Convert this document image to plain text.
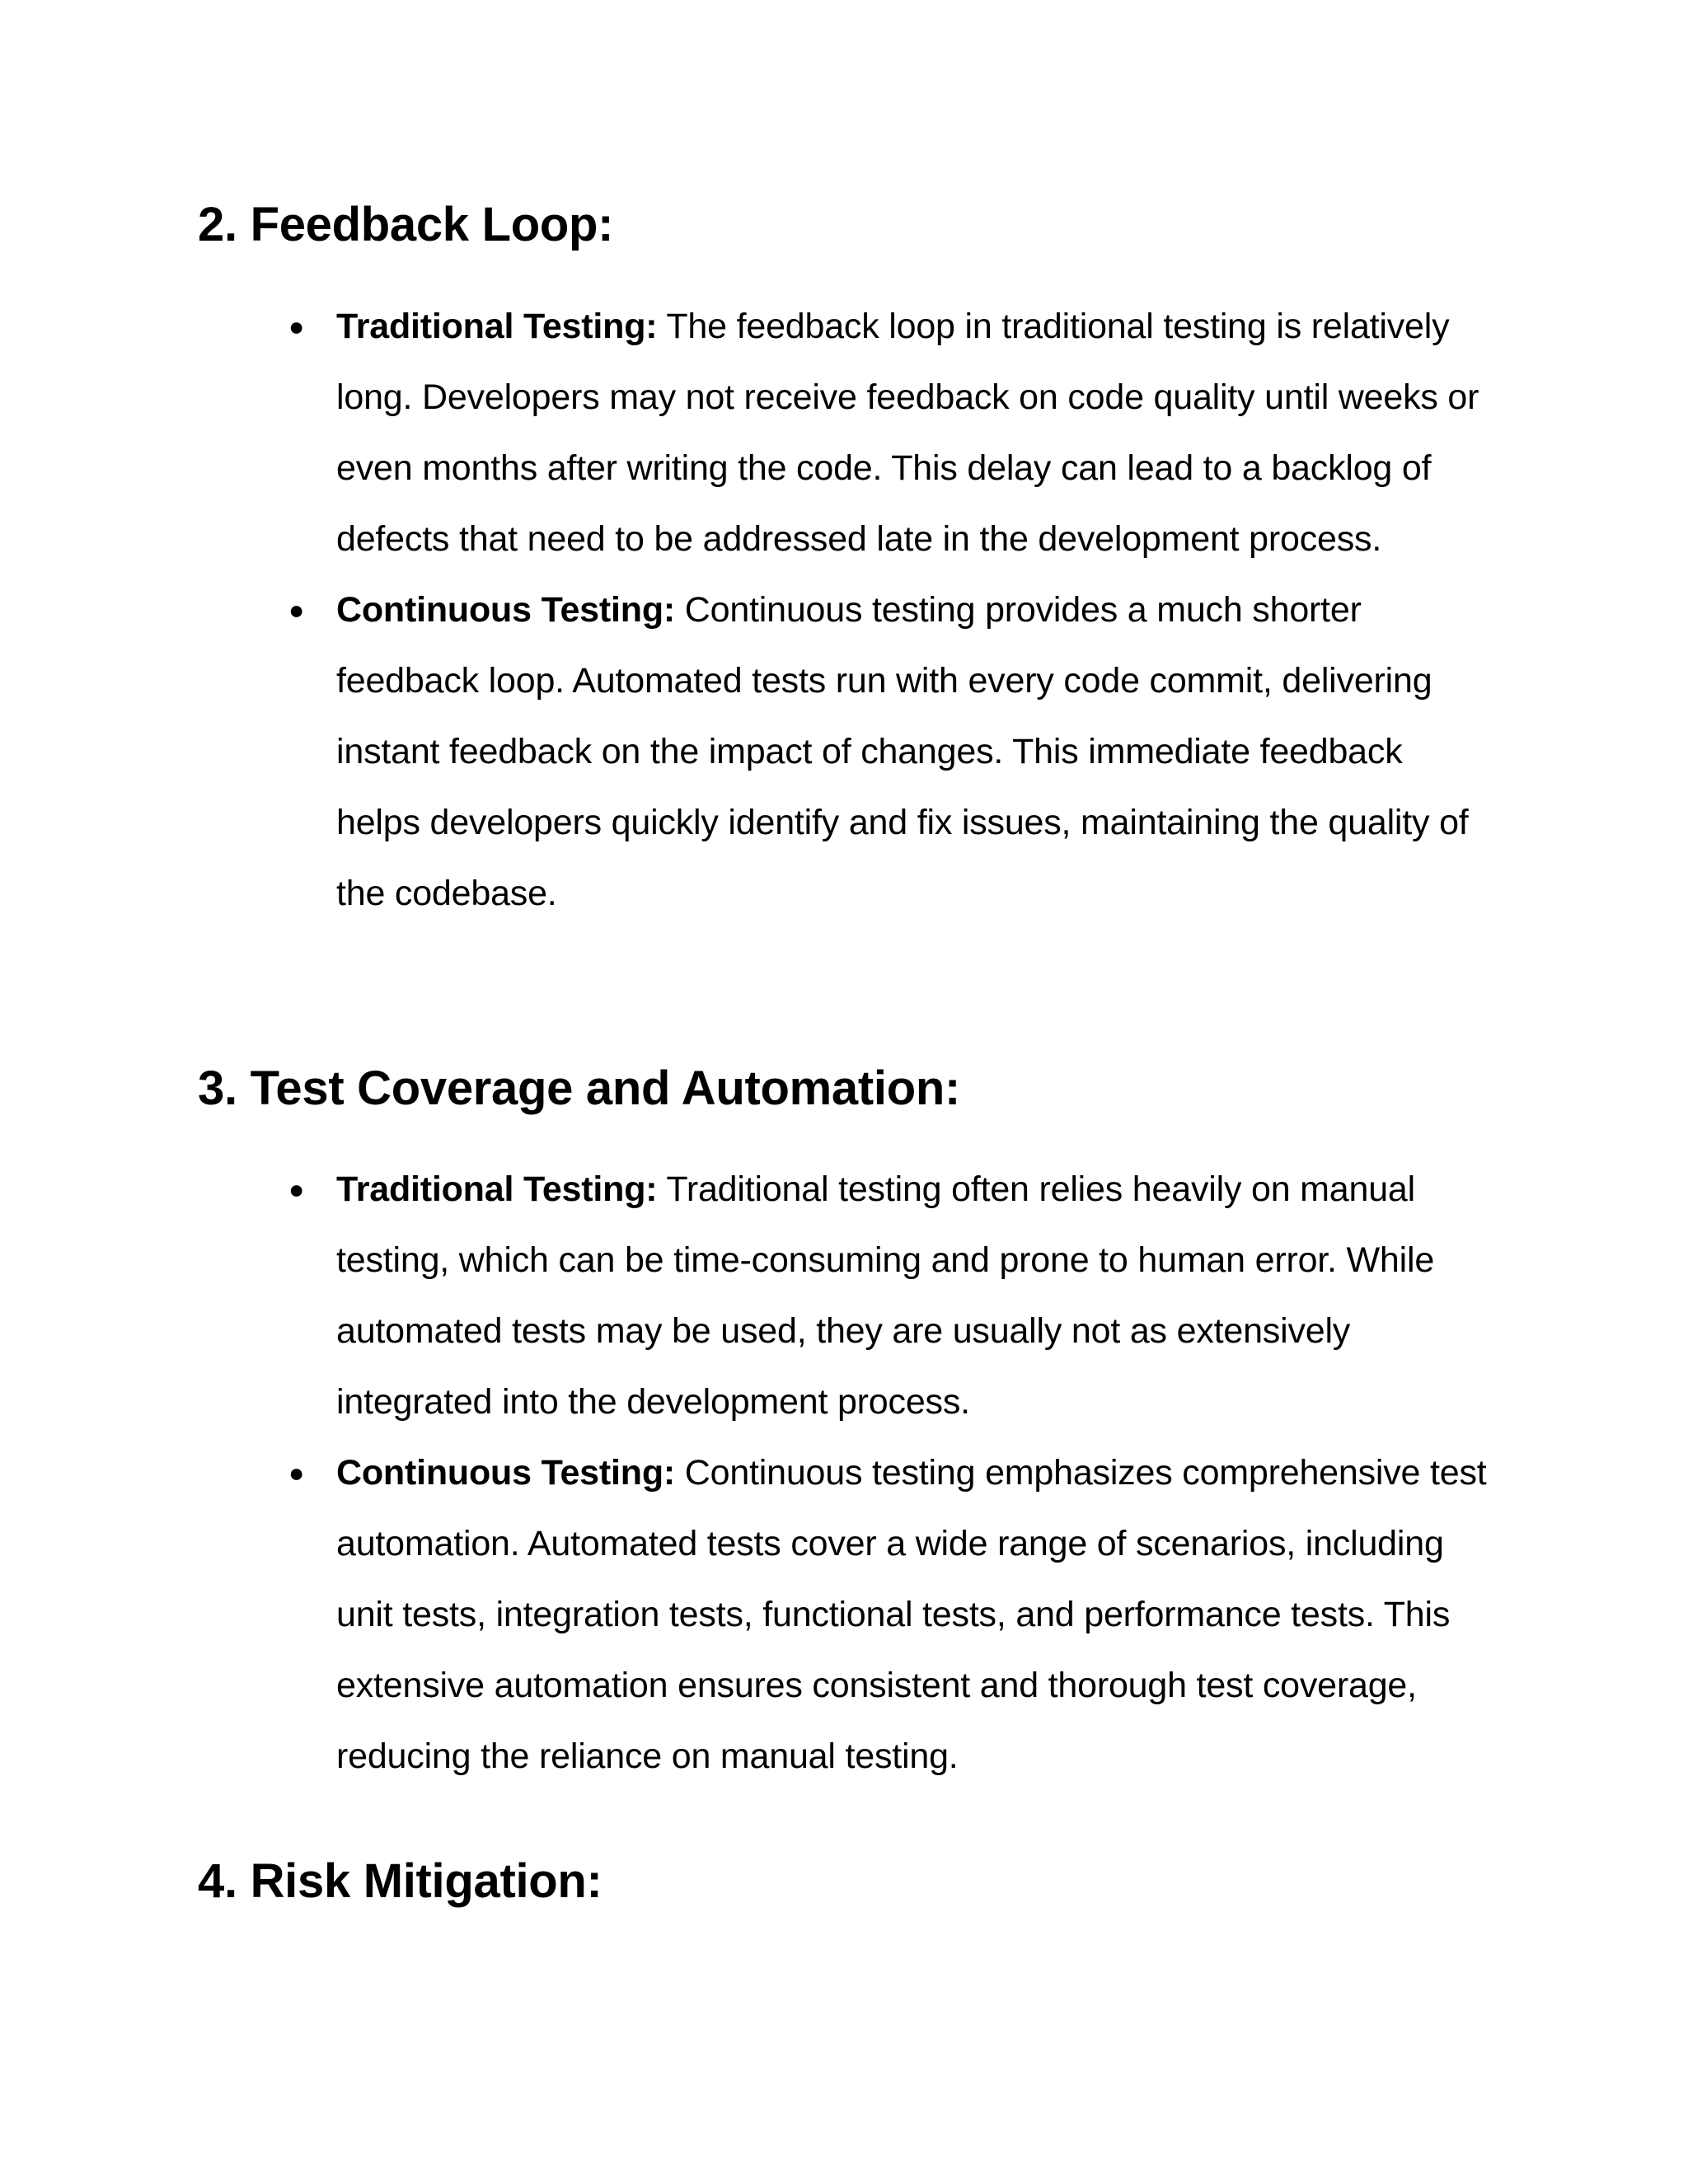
2. Feedback Loop:
● Traditional Testing: The feedback loop in traditional testing is relatively long. Developers may not receive feedback on code quality until weeks or even months after writing the code. This delay can lead to a backlog of defects that need to be addressed late in the development process.
● Continuous Testing: Continuous testing provides a much shorter feedback loop. Automated tests run with every code commit, delivering instant feedback on the impact of changes. This immediate feedback helps developers quickly identify and fix issues, maintaining the quality of the codebase.
3. Test Coverage and Automation:
● Traditional Testing: Traditional testing often relies heavily on manual testing, which can be time-consuming and prone to human error. While automated tests may be used, they are usually not as extensively integrated into the development process.
● Continuous Testing: Continuous testing emphasizes comprehensive test automation. Automated tests cover a wide range of scenarios, including unit tests, integration tests, functional tests, and performance tests. This extensive automation ensures consistent and thorough test coverage, reducing the reliance on manual testing.
4. Risk Mitigation:
